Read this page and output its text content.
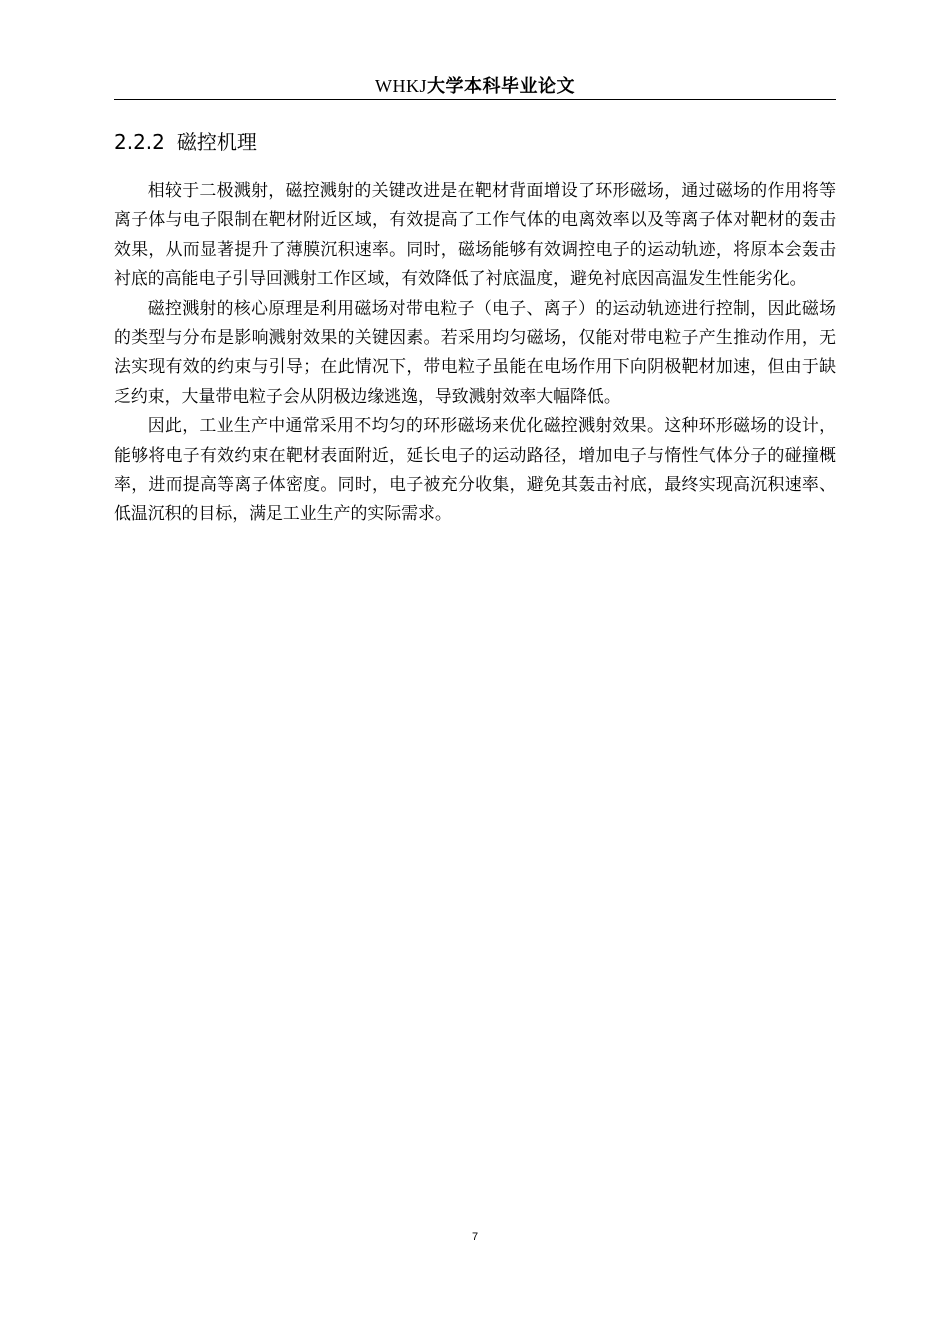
WHKJ大学本科毕业论文
2.2.2 磁控机理

相较于二极溅射，磁控溅射的关键改进是在靶材背面增设了环形磁场，通过磁场的作用将等离子体与电子限制在靶材附近区域，有效提高了工作气体的电离效率以及等离子体对靶材的轰击效果，从而显著提升了薄膜沉积速率。同时，磁场能够有效调控电子的运动轨迹，将原本会轰击衬底的高能电子引导回溅射工作区域，有效降低了衬底温度，避免衬底因高温发生性能劣化。

磁控溅射的核心原理是利用磁场对带电粒子（电子、离子）的运动轨迹进行控制，因此磁场的类型与分布是影响溅射效果的关键因素。若采用均匀磁场，仅能对带电粒子产生推动作用，无法实现有效的约束与引导；在此情况下，带电粒子虽能在电场作用下向阴极靶材加速，但由于缺乏约束，大量带电粒子会从阴极边缘逃逸，导致溅射效率大幅降低。

因此，工业生产中通常采用不均匀的环形磁场来优化磁控溅射效果。这种环形磁场的设计，能够将电子有效约束在靶材表面附近，延长电子的运动路径，增加电子与惰性气体分子的碰撞概率，进而提高等离子体密度。同时，电子被充分收集，避免其轰击衬底，最终实现高沉积速率、低温沉积的目标，满足工业生产的实际需求。

7
